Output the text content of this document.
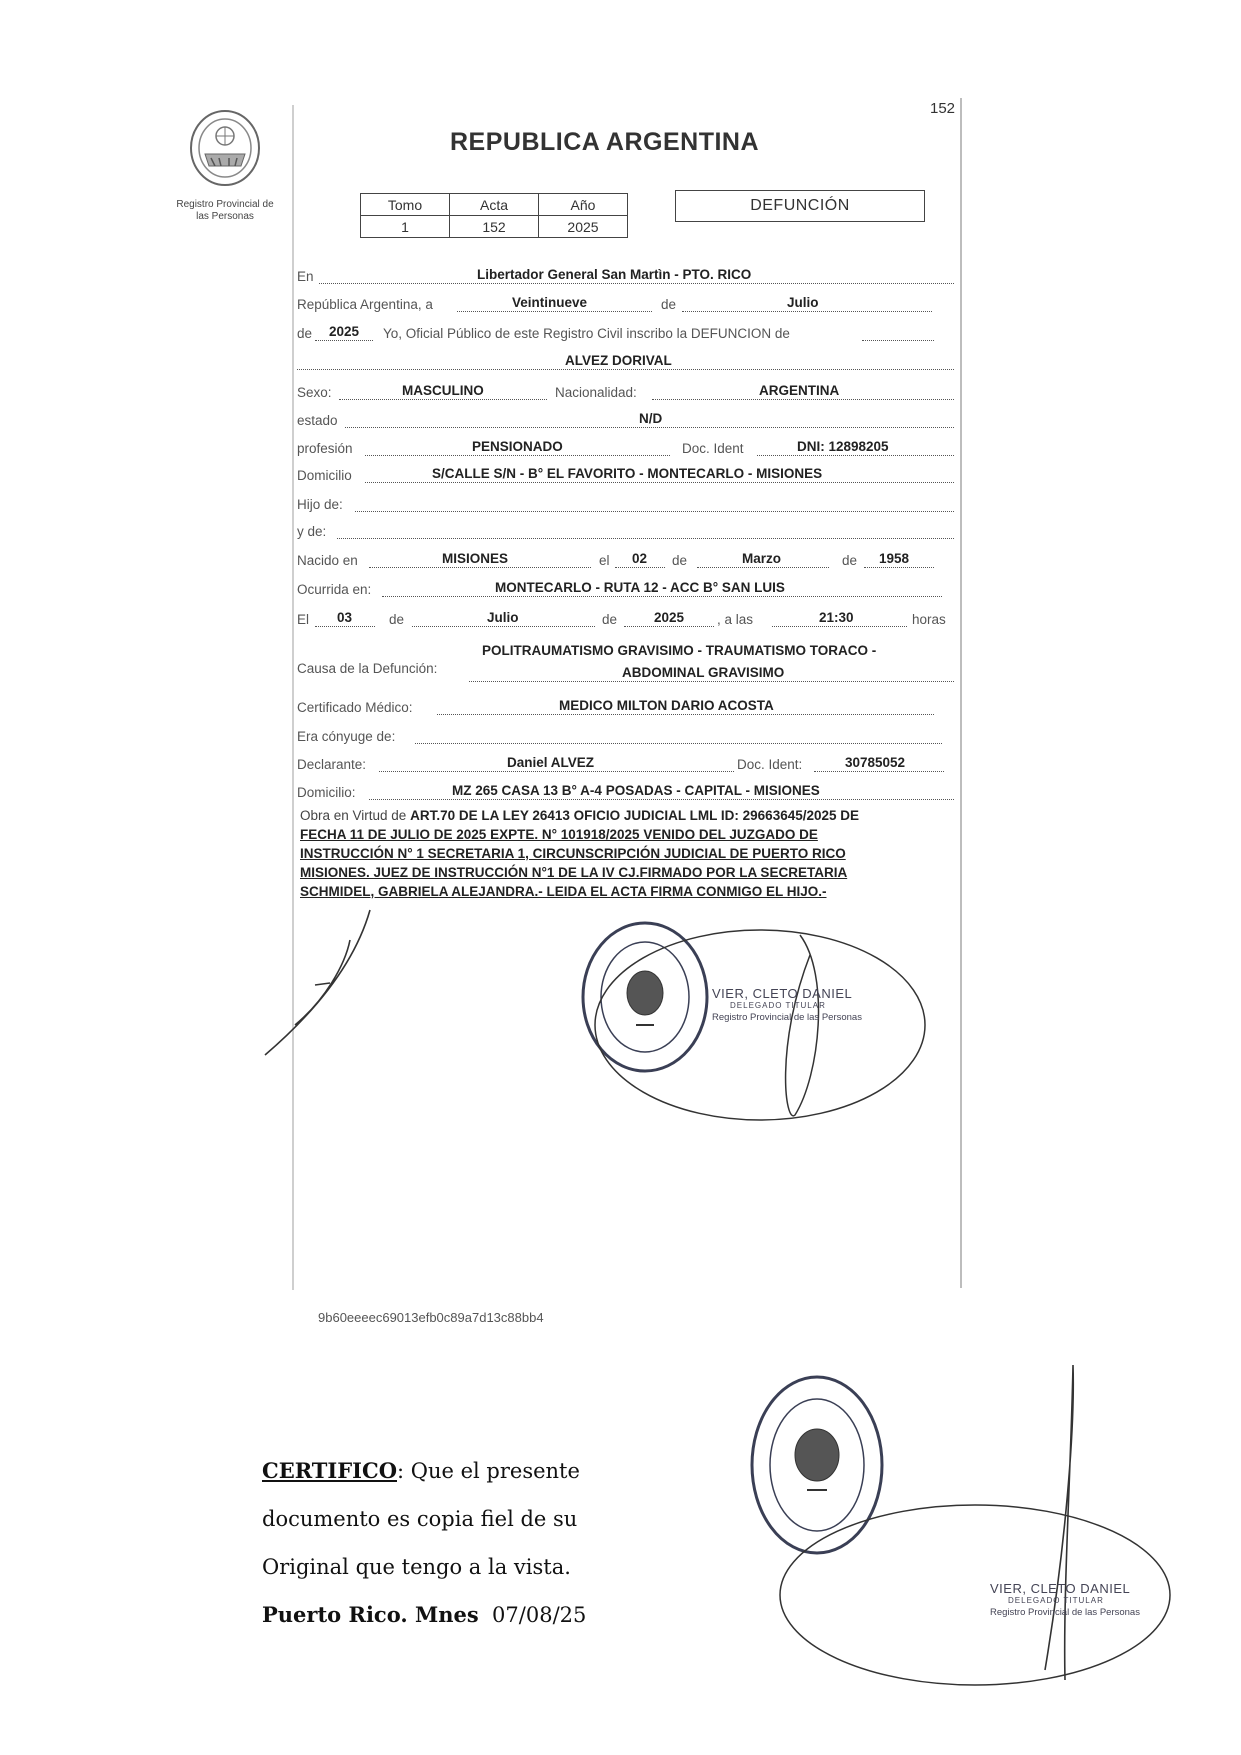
152
Registro Provincial de
las Personas
REPUBLICA ARGENTINA
Tomo	Acta	Año
1	152	2025
DEFUNCIÓN
En	Libertador General San Martìn - PTO. RICO
República Argentina, a	Veintinueve	de	Julio
de 2025 Yo, Oficial Público de este Registro Civil inscribo la DEFUNCION de
ALVEZ DORIVAL
Sexo:	MASCULINO	Nacionalidad:	ARGENTINA
estado	N/D
profesión	PENSIONADO	Doc. Ident	DNI: 12898205
Domicilio	S/CALLE S/N - B° EL FAVORITO - MONTECARLO - MISIONES
Hijo de:
y de:
Nacido en	MISIONES	el 02 de	Marzo	de 1958
Ocurrida en:	MONTECARLO - RUTA 12 - ACC B° SAN LUIS
El 03	de	Julio	de	2025 , a las	21:30	horas
POLITRAUMATISMO GRAVISIMO - TRAUMATISMO TORACO -
Causa de la Defunción:	ABDOMINAL GRAVISIMO
Certificado Médico:	MEDICO MILTON DARIO ACOSTA
Era cónyuge de:
Declarante:	Daniel ALVEZ	Doc. Ident:	30785052
Domicilio:	MZ 265 CASA 13 B° A-4 POSADAS - CAPITAL - MISIONES
Obra en Virtud de ART.70 DE LA LEY 26413 OFICIO JUDICIAL LML ID: 29663645/2025 DE
FECHA 11 DE JULIO DE 2025 EXPTE. N° 101918/2025 VENIDO DEL JUZGADO DE
INSTRUCCIÓN N° 1 SECRETARIA 1, CIRCUNSCRIPCIÓN JUDICIAL DE PUERTO RICO
MISIONES. JUEZ DE INSTRUCCIÓN N°1 DE LA IV CJ.FIRMADO POR LA SECRETARIA
SCHMIDEL, GABRIELA ALEJANDRA.- LEIDA EL ACTA FIRMA CONMIGO EL HIJO.-
VIER, CLETO DANIEL
DELEGADO TITULAR
Registro Provincial de las Personas
9b60eeeec69013efb0c89a7d13c88bb4
VIER, CLETO DANIEL
DELEGADO TITULAR
Registro Provincial de las Personas
CERTIFICO: Que el presente
documento es copia fiel de su
Original que tengo a la vista.
Puerto Rico. Mnes 07/08/25
